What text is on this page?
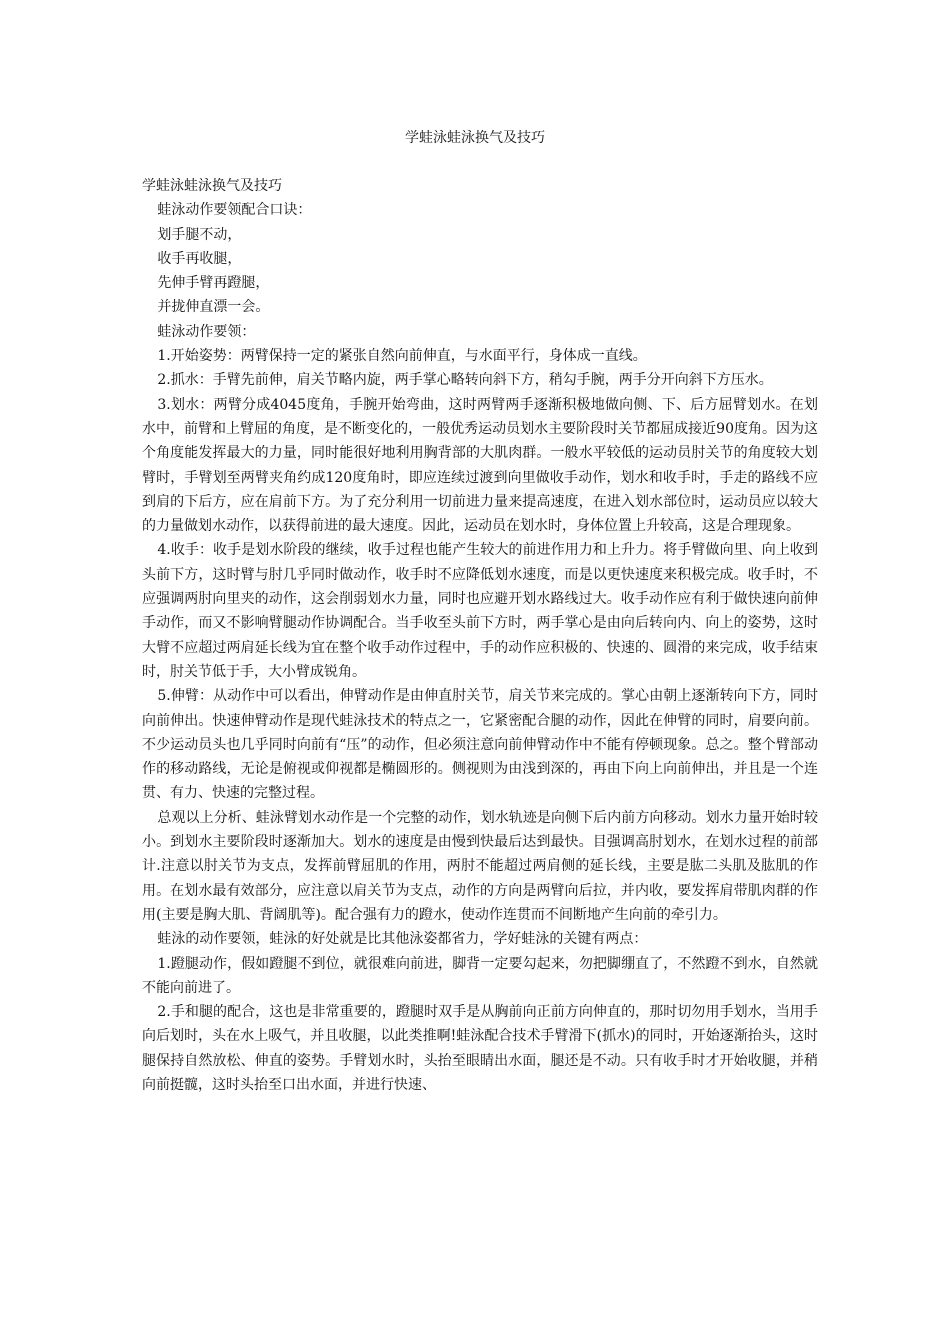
学蛙泳蛙泳换气及技巧

学蛙泳蛙泳换气及技巧

蛙泳动作要领配合口诀：

划手腿不动，

收手再收腿，

先伸手臂再蹬腿，

并拢伸直漂一会。

蛙泳动作要领：

1.开始姿势：两臂保持一定的紧张自然向前伸直，与水面平行，身体成一直线。

2.抓水：手臂先前伸，肩关节略内旋，两手掌心略转向斜下方，稍勾手腕，两手分开向斜下方压水。

3.划水：两臂分成4045度角，手腕开始弯曲，这时两臂两手逐渐积极地做向侧、下、后方屈臂划水。在划水中，前臂和上臂屈的角度，是不断变化的，一般优秀运动员划水主要阶段时关节都屈成接近90度角。因为这个角度能发挥最大的力量，同时能很好地利用胸背部的大肌肉群。一般水平较低的运动员肘关节的角度较大划臂时，手臂划至两臂夹角约成120度角时，即应连续过渡到向里做收手动作，划水和收手时，手走的路线不应到肩的下后方，应在肩前下方。为了充分利用一切前进力量来提高速度，在进入划水部位时，运动员应以较大的力量做划水动作，以获得前进的最大速度。因此，运动员在划水时，身体位置上升较高，这是合理现象。

4.收手：收手是划水阶段的继续，收手过程也能产生较大的前进作用力和上升力。将手臂做向里、向上收到头前下方，这时臂与肘几乎同时做动作，收手时不应降低划水速度，而是以更快速度来积极完成。收手时，不应强调两肘向里夹的动作，这会削弱划水力量，同时也应避开划水路线过大。收手动作应有利于做快速向前伸手动作，而又不影响臂腿动作协调配合。当手收至头前下方时，两手掌心是由向后转向内、向上的姿势，这时大臂不应超过两肩延长线为宜在整个收手动作过程中，手的动作应积极的、快速的、圆滑的来完成，收手结束时，肘关节低于手，大小臂成锐角。

5.伸臂：从动作中可以看出，伸臂动作是由伸直肘关节，肩关节来完成的。掌心由朝上逐渐转向下方，同时向前伸出。快速伸臂动作是现代蛙泳技术的特点之一，它紧密配合腿的动作，因此在伸臂的同时，肩要向前。不少运动员头也几乎同时向前有“压”的动作，但必须注意向前伸臂动作中不能有停顿现象。总之。整个臂部动作的移动路线，无论是俯视或仰视都是椭圆形的。侧视则为由浅到深的，再由下向上向前伸出，并且是一个连贯、有力、快速的完整过程。

总观以上分析、蛙泳臂划水动作是一个完整的动作，划水轨迹是向侧下后内前方向移动。划水力量开始时较小。到划水主要阶段时逐渐加大。划水的速度是由慢到快最后达到最快。目强调高肘划水，在划水过程的前部计.注意以肘关节为支点，发挥前臂屈肌的作用，两肘不能超过两肩侧的延长线，主要是肱二头肌及肱肌的作用。在划水最有效部分，应注意以肩关节为支点，动作的方向是两臂向后拉，并内收，要发挥肩带肌肉群的作用(主要是胸大肌、背阔肌等)。配合强有力的蹬水，使动作连贯而不间断地产生向前的牵引力。

蛙泳的动作要领，蛙泳的好处就是比其他泳姿都省力，学好蛙泳的关键有两点：

1.蹬腿动作，假如蹬腿不到位，就很难向前进，脚背一定要勾起来，勿把脚绷直了，不然蹬不到水，自然就不能向前进了。

2.手和腿的配合，这也是非常重要的，蹬腿时双手是从胸前向正前方向伸直的，那时切勿用手划水，当用手向后划时，头在水上吸气，并且收腿，以此类推啊!蛙泳配合技术手臂滑下(抓水)的同时，开始逐渐抬头，这时腿保持自然放松、伸直的姿势。手臂划水时，头抬至眼睛出水面，腿还是不动。只有收手时才开始收腿，并稍向前挺髋，这时头抬至口出水面，并进行快速、
